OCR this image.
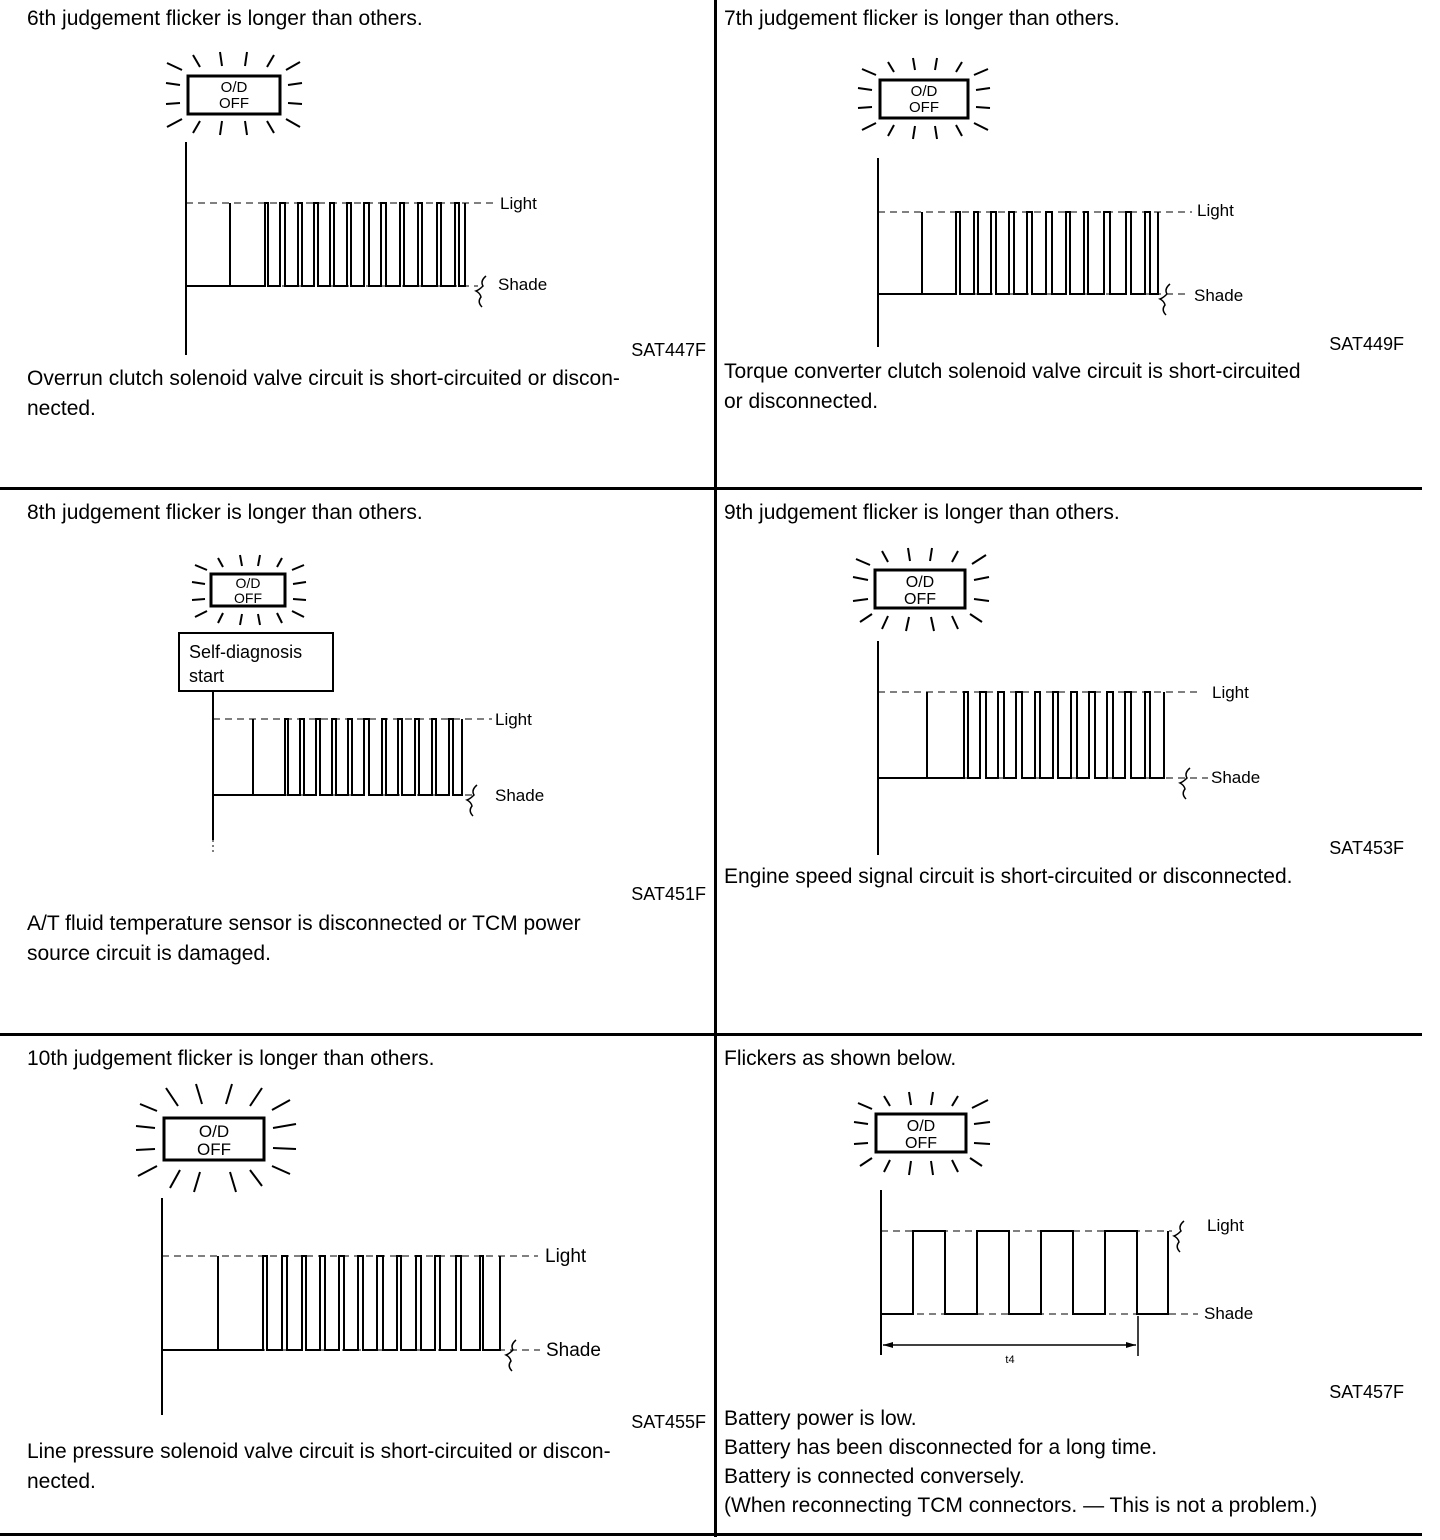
6th judgement flicker is longer than others.
O/D
OFF
Light
Shade
SAT447F
Overrun clutch solenoid valve circuit is short-circuited or discon-
nected.
7th judgement flicker is longer than others.
O/D
OFF
Light
Shade
SAT449F
Torque converter clutch solenoid valve circuit is short-circuited
or disconnected.
8th judgement flicker is longer than others.
O/D
OFF
Self-diagnosis
start
Light
Shade
SAT451F
A/T fluid temperature sensor is disconnected or TCM power
source circuit is damaged.
9th judgement flicker is longer than others.
O/D
OFF
Light
Shade
SAT453F
Engine speed signal circuit is short-circuited or disconnected.
10th judgement flicker is longer than others.
O/D
OFF
Light
Shade
SAT455F
Line pressure solenoid valve circuit is short-circuited or discon-
nected.
Flickers as shown below.
O/D
OFF
Light
Shade
t4
SAT457F
Battery power is low.
Battery has been disconnected for a long time.
Battery is connected conversely.
(When reconnecting TCM connectors. — This is not a problem.)
